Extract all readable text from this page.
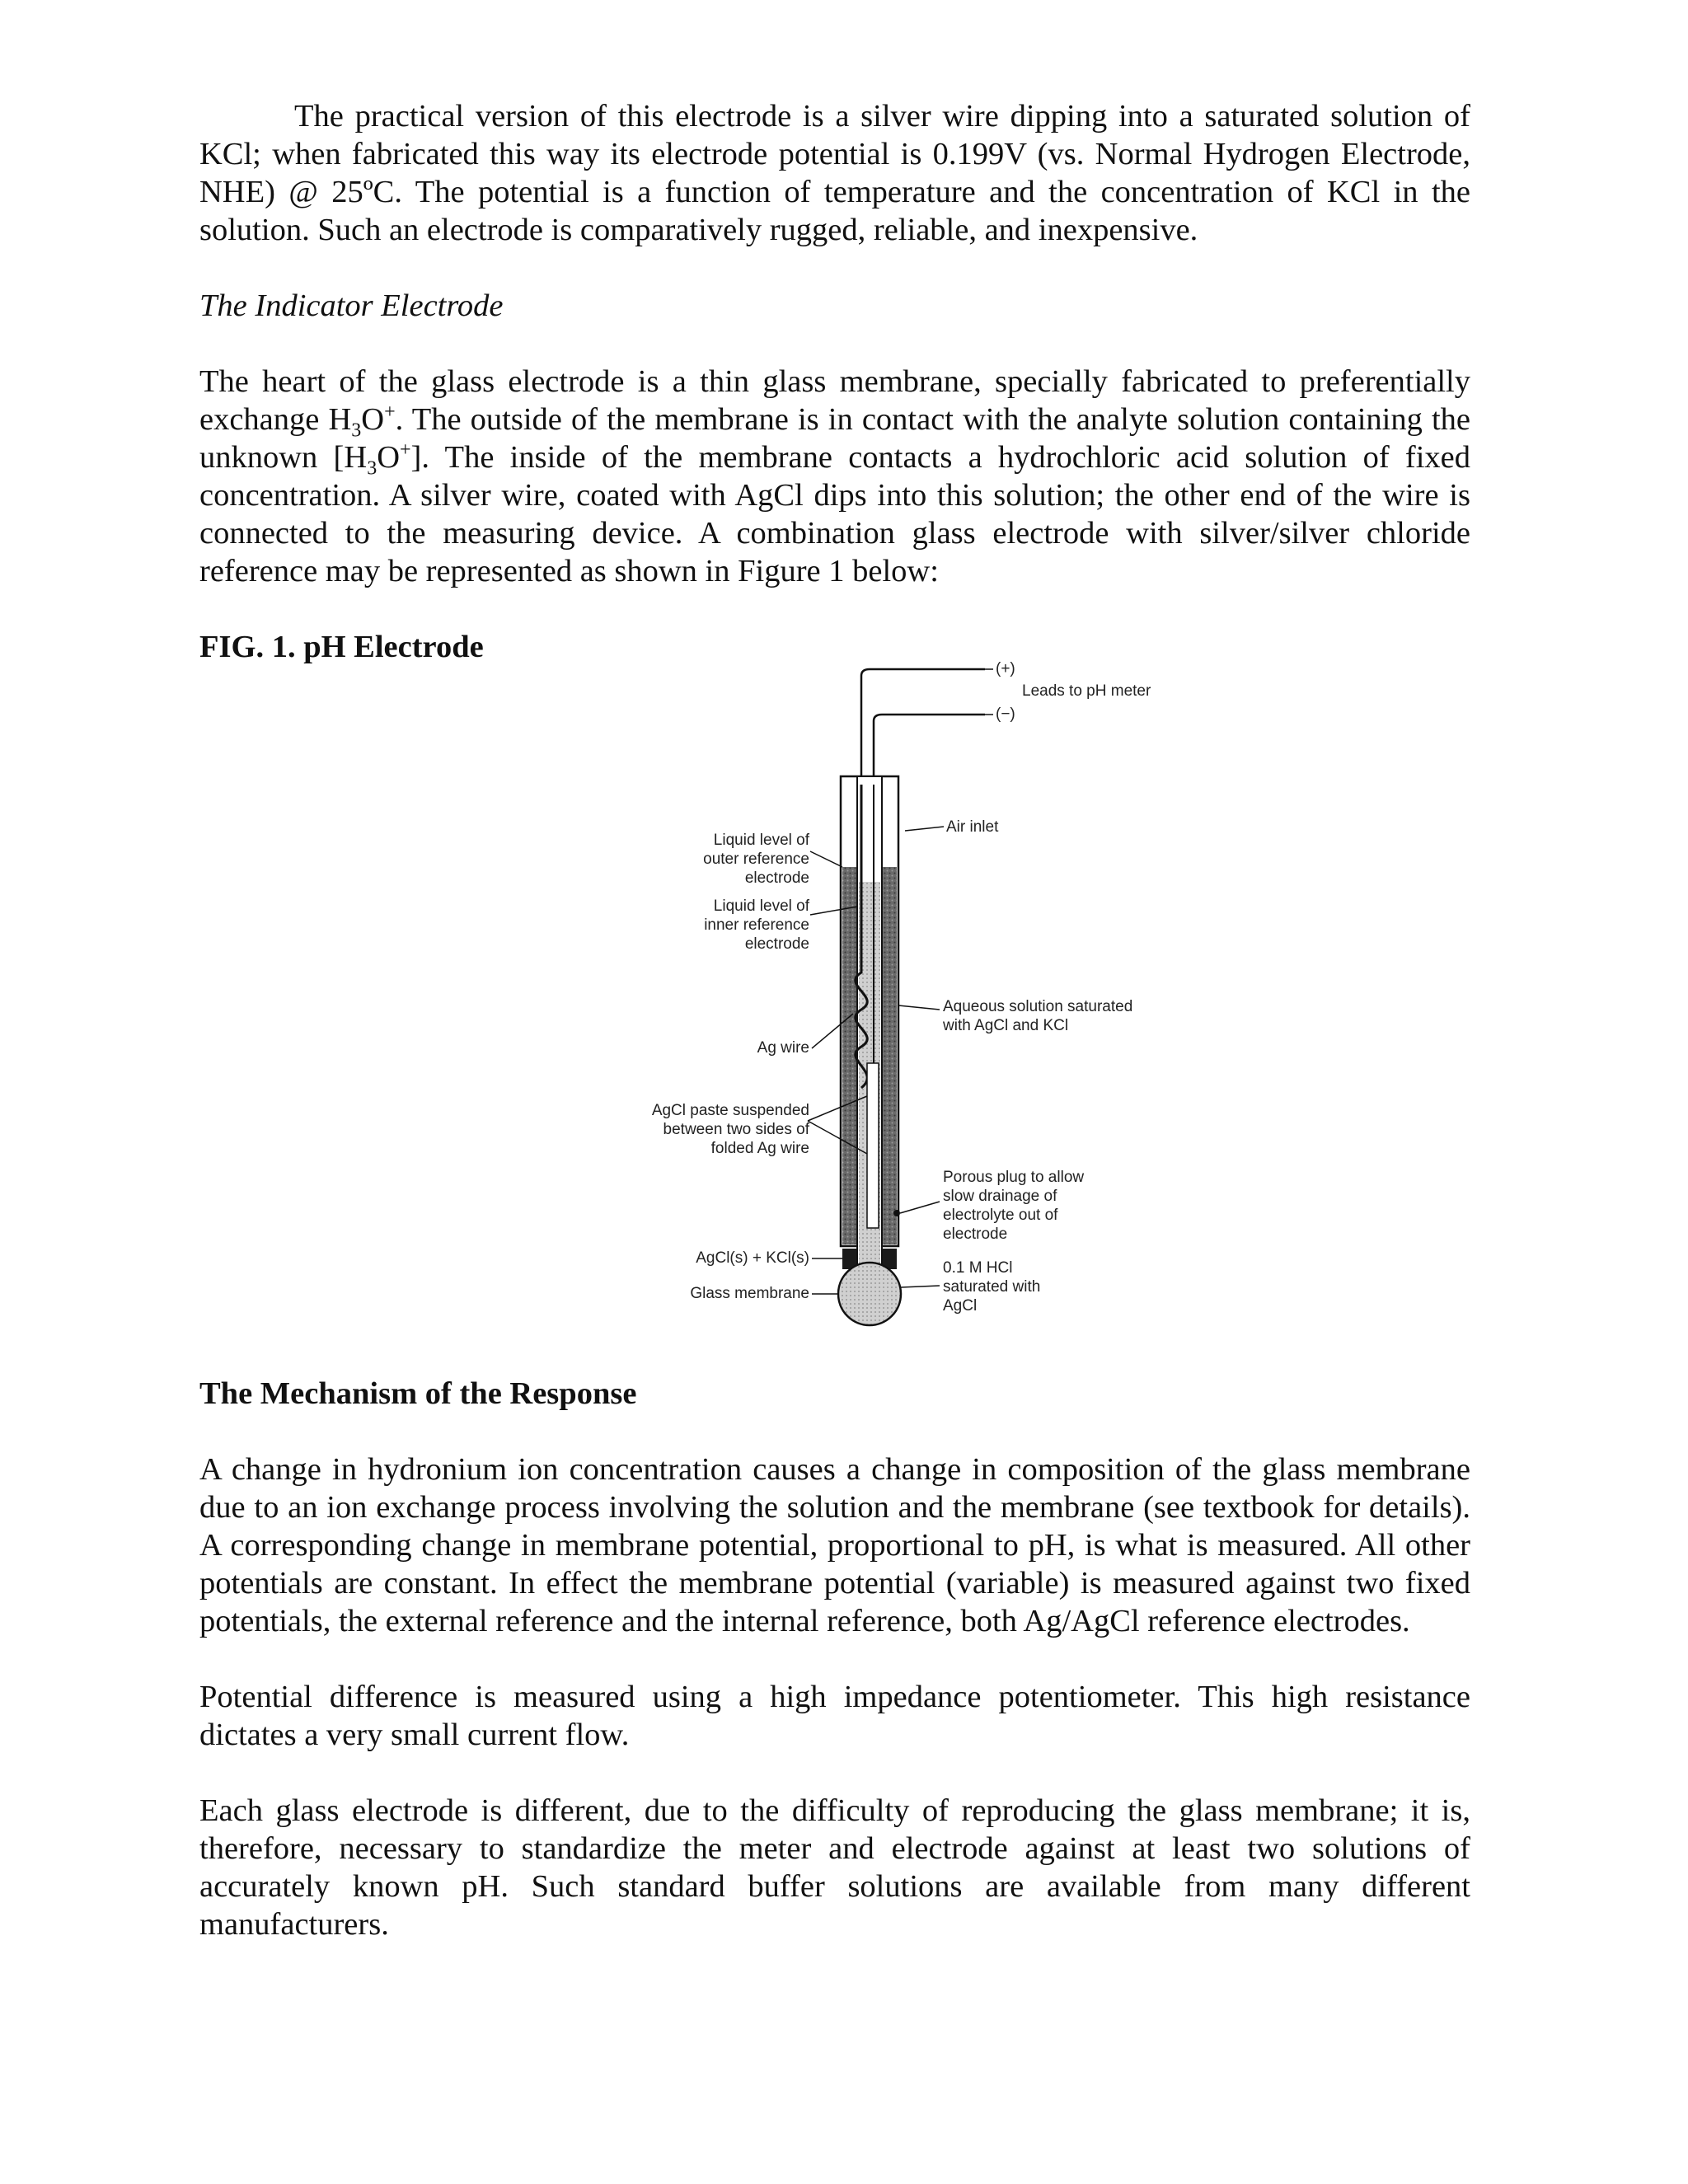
The practical version of this electrode is a silver wire dipping into a saturated solution of KCl; when fabricated this way its electrode potential is 0.199V (vs. Normal Hydrogen Electrode, NHE) @ 25ºC. The potential is a function of temperature and the concentration of KCl in the solution. Such an electrode is comparatively rugged, reliable, and inexpensive.

The Indicator Electrode

The heart of the glass electrode is a thin glass membrane, specially fabricated to preferentially exchange $H_3O^+$. The outside of the membrane is in contact with the analyte solution containing the unknown $[H_3O^+]$. The inside of the membrane contacts a hydrochloric acid solution of fixed concentration. A silver wire, coated with AgCl dips into this solution; the other end of the wire is connected to the measuring device. A combination glass electrode with silver/silver chloride reference may be represented as shown in Figure 1 below:

FIG. 1. pH Electrode

(+)
(−)
Leads to pH meter
Air inlet
Liquid level of
outer reference
electrode
Liquid level of
inner reference
electrode
Aqueous solution saturated
with AgCl and KCl
Ag wire
AgCl paste suspended
between two sides of
folded Ag wire
Porous plug to allow
slow drainage of
electrolyte out of
electrode
AgCl(s) + KCl(s)
0.1 M HCl
saturated with
AgCl
Glass membrane

The Mechanism of the Response

A change in hydronium ion concentration causes a change in composition of the glass membrane due to an ion exchange process involving the solution and the membrane (see textbook for details). A corresponding change in membrane potential, proportional to pH, is what is measured. All other potentials are constant. In effect the membrane potential (variable) is measured against two fixed potentials, the external reference and the internal reference, both Ag/AgCl reference electrodes.

Potential difference is measured using a high impedance potentiometer. This high resistance dictates a very small current flow.

Each glass electrode is different, due to the difficulty of reproducing the glass membrane; it is, therefore, necessary to standardize the meter and electrode against at least two solutions of accurately known pH. Such standard buffer solutions are available from many different manufacturers.
